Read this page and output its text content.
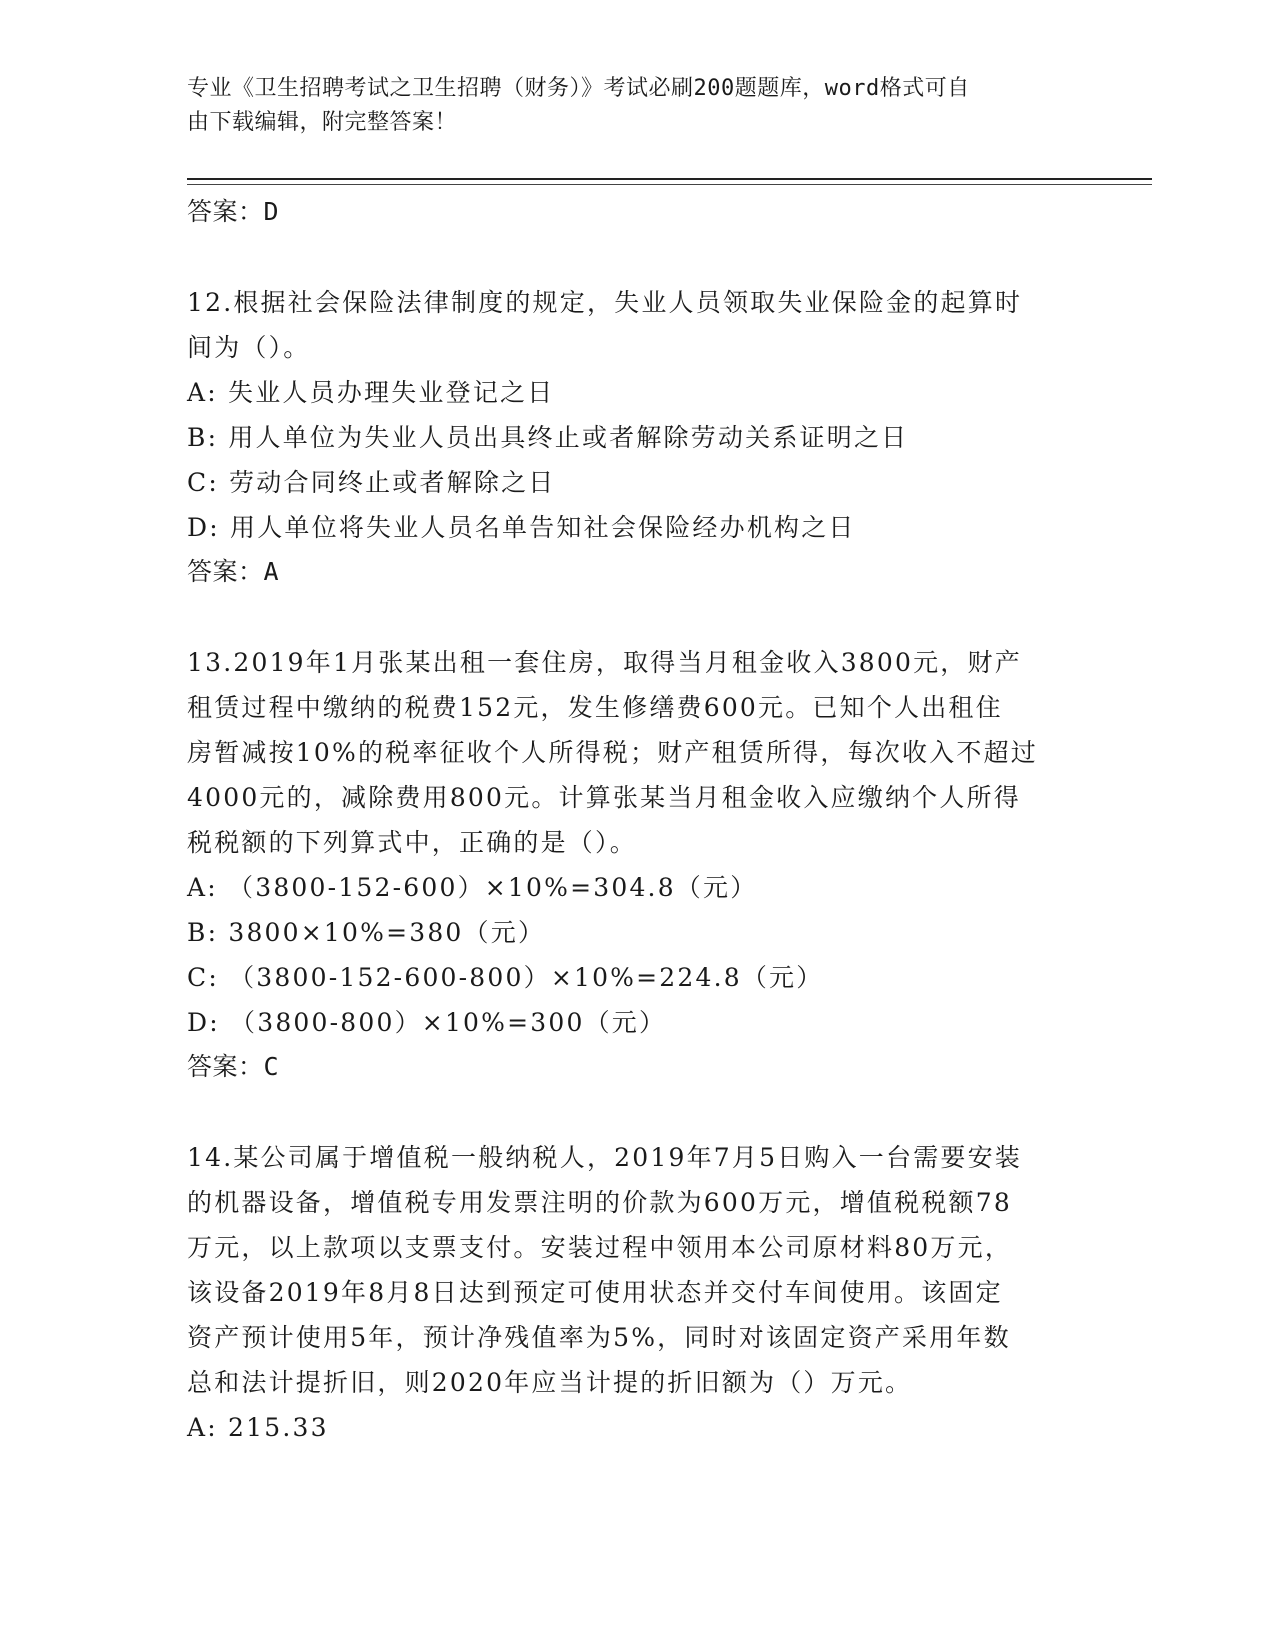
专业《卫生招聘考试之卫生招聘（财务）》考试必刷200题题库，word格式可自
由下载编辑，附完整答案！
答案：D
12.根据社会保险法律制度的规定，失业人员领取失业保险金的起算时
间为（）。
A: 失业人员办理失业登记之日
B: 用人单位为失业人员出具终止或者解除劳动关系证明之日
C: 劳动合同终止或者解除之日
D: 用人单位将失业人员名单告知社会保险经办机构之日
答案：A
13.2019年1月张某出租一套住房，取得当月租金收入3800元，财产
租赁过程中缴纳的税费152元，发生修缮费600元。已知个人出租住
房暂减按10%的税率征收个人所得税；财产租赁所得，每次收入不超过
4000元的，减除费用800元。计算张某当月租金收入应缴纳个人所得
税税额的下列算式中，正确的是（）。
A: （3800-152-600）×10%=304.8（元）
B: 3800×10%=380（元）
C: （3800-152-600-800）×10%=224.8（元）
D: （3800-800）×10%=300（元）
答案：C
14.某公司属于增值税一般纳税人，2019年7月5日购入一台需要安装
的机器设备，增值税专用发票注明的价款为600万元，增值税税额78
万元，以上款项以支票支付。安装过程中领用本公司原材料80万元，
该设备2019年8月8日达到预定可使用状态并交付车间使用。该固定
资产预计使用5年，预计净残值率为5%，同时对该固定资产采用年数
总和法计提折旧，则2020年应当计提的折旧额为（）万元。
A: 215.33
